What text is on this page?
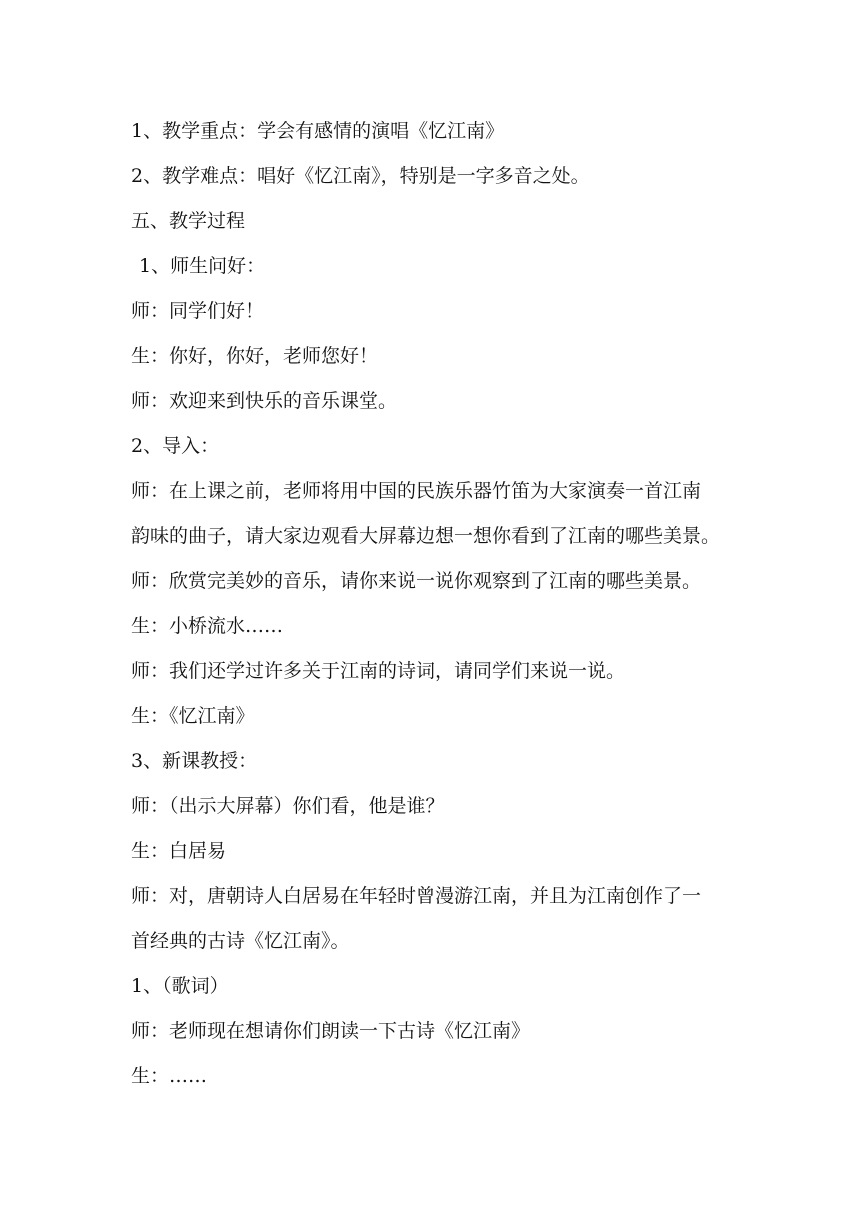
1、教学重点：学会有感情的演唱《忆江南》
2、教学难点：唱好《忆江南》，特别是一字多音之处。
五、教学过程
1、师生问好：
师：同学们好！
生：你好，你好，老师您好！
师：欢迎来到快乐的音乐课堂。
2、导入：
师：在上课之前，老师将用中国的民族乐器竹笛为大家演奏一首江南
韵味的曲子，请大家边观看大屏幕边想一想你看到了江南的哪些美景。
师：欣赏完美妙的音乐，请你来说一说你观察到了江南的哪些美景。
生：小桥流水……
师：我们还学过许多关于江南的诗词，请同学们来说一说。
生：《忆江南》
3、新课教授：
师：（出示大屏幕）你们看，他是谁？
生：白居易
师：对，唐朝诗人白居易在年轻时曾漫游江南，并且为江南创作了一
首经典的古诗《忆江南》。
1、（歌词）
师：老师现在想请你们朗读一下古诗《忆江南》
生：……
